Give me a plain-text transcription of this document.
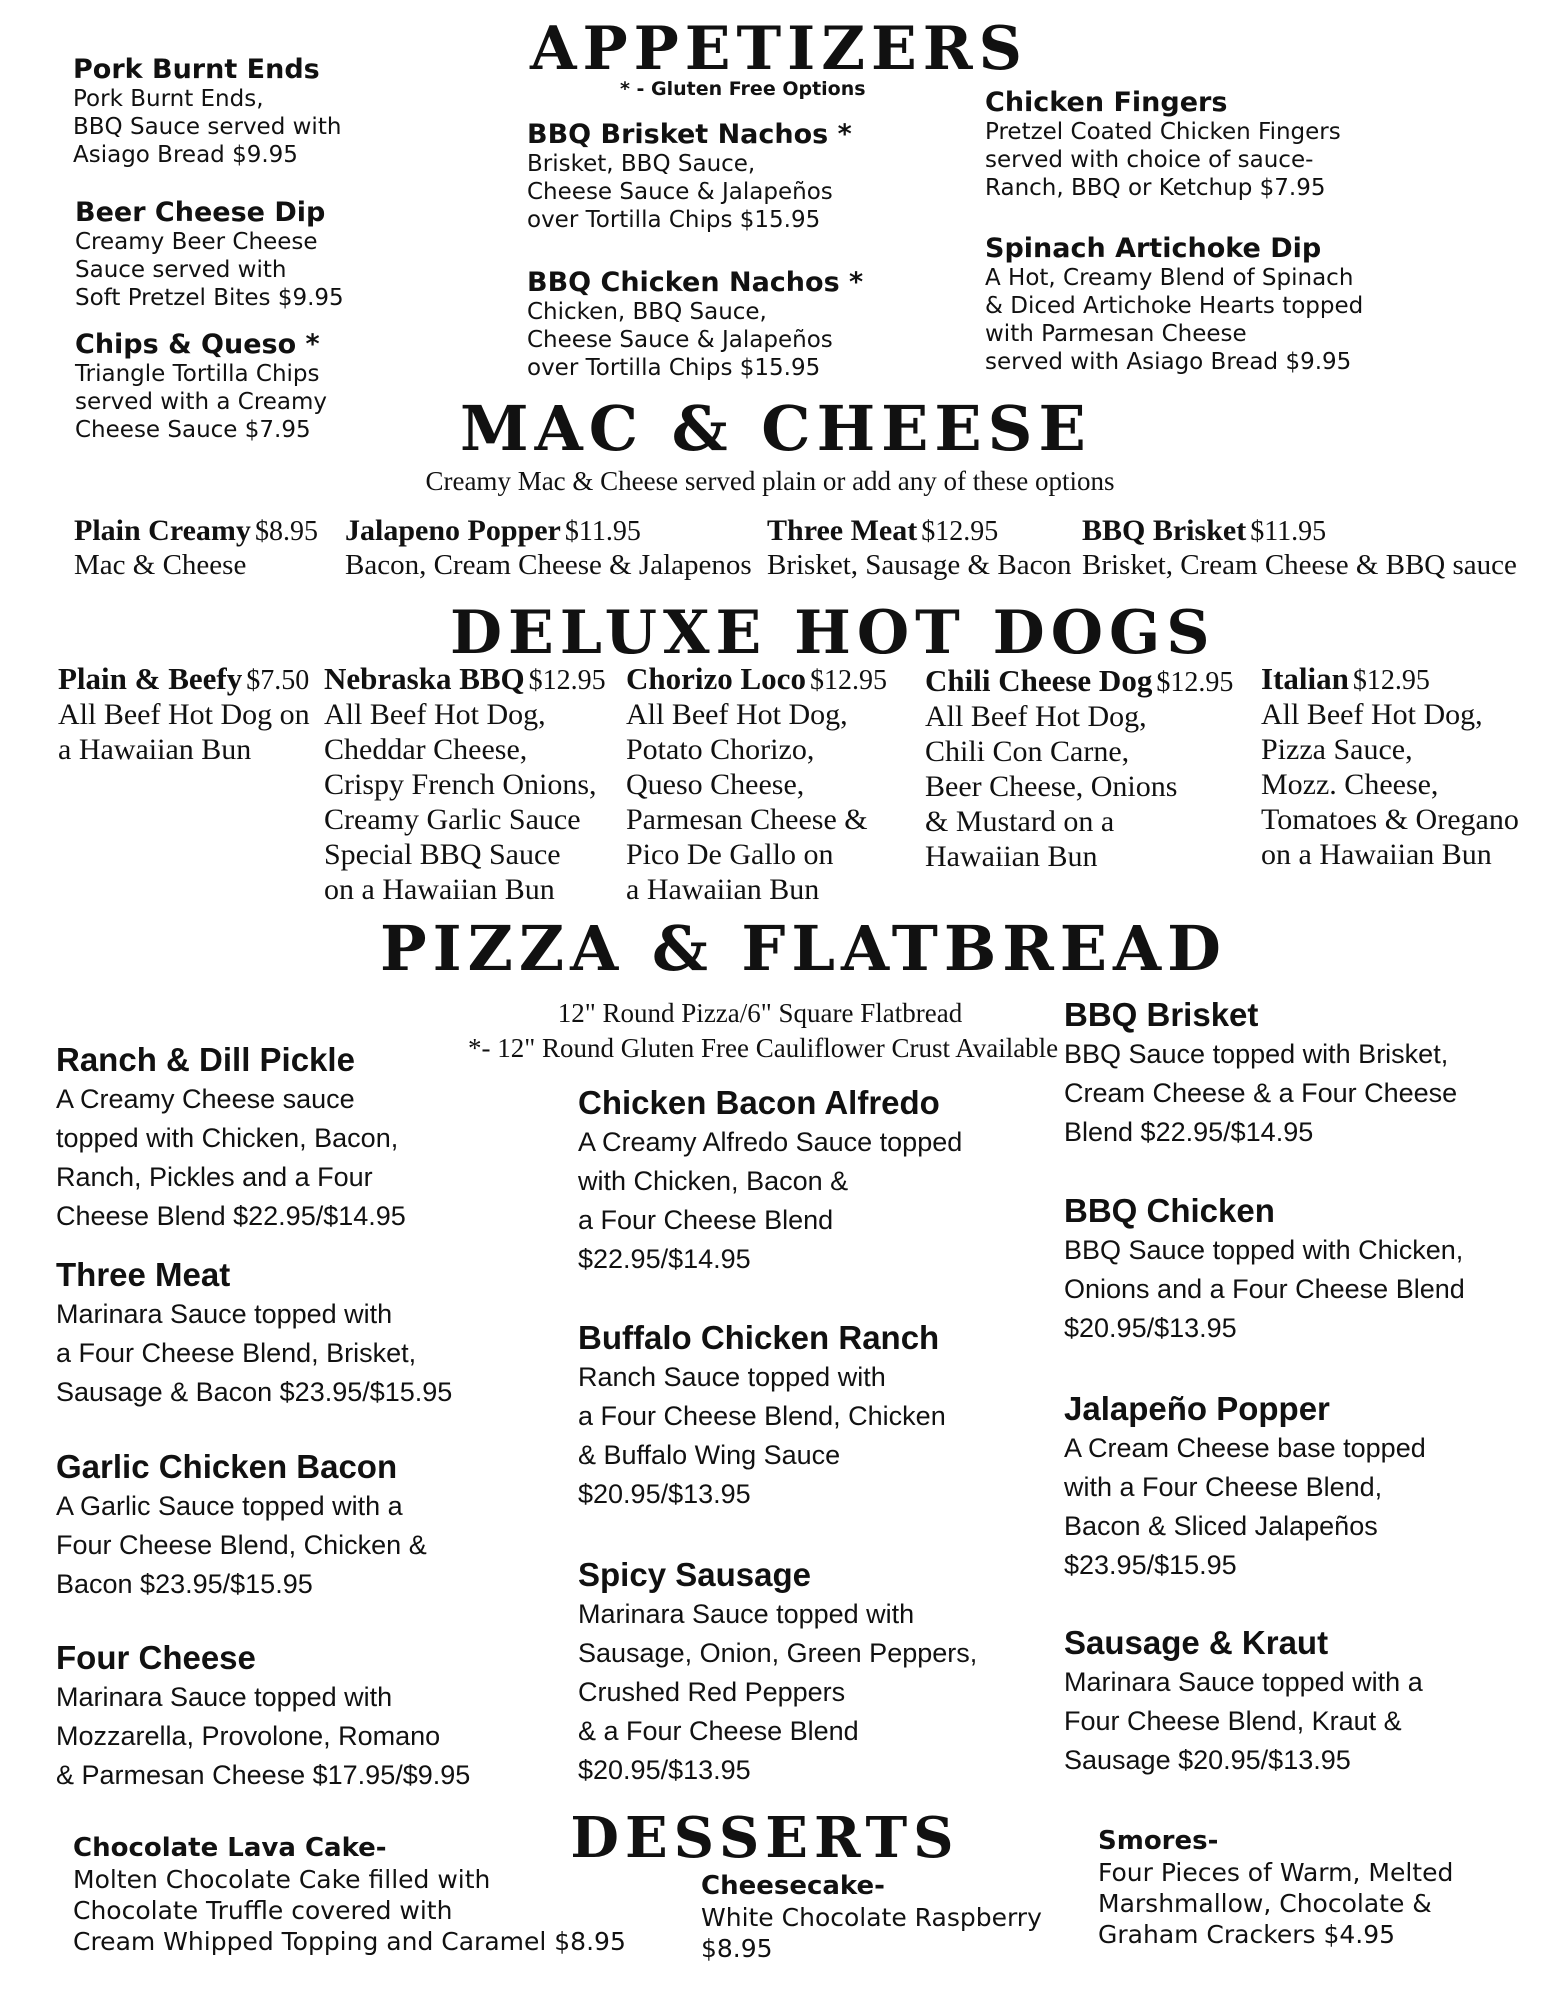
APPETIZERS
* - Gluten Free Options
Pork Burnt Ends
Pork Burnt Ends,
BBQ Sauce served with
Asiago Bread $9.95
Beer Cheese Dip
Creamy Beer Cheese
Sauce served with
Soft Pretzel Bites $9.95
Chips & Queso *
Triangle Tortilla Chips
served with a Creamy
Cheese Sauce $7.95
BBQ Brisket Nachos *
Brisket, BBQ Sauce,
Cheese Sauce & Jalapeños
over Tortilla Chips $15.95
BBQ Chicken Nachos *
Chicken, BBQ Sauce,
Cheese Sauce & Jalapeños
over Tortilla Chips $15.95
Chicken Fingers
Pretzel Coated Chicken Fingers
served with choice of sauce-
Ranch, BBQ or Ketchup $7.95
Spinach Artichoke Dip
A Hot, Creamy Blend of Spinach
& Diced Artichoke Hearts topped
with Parmesan Cheese
served with Asiago Bread $9.95
MAC & CHEESE
Creamy Mac & Cheese served plain or add any of these options
Plain Creamy $8.95
Mac & Cheese
Jalapeno Popper $11.95
Bacon, Cream Cheese & Jalapenos
Three Meat $12.95
Brisket, Sausage & Bacon
BBQ Brisket $11.95
Brisket, Cream Cheese & BBQ sauce
DELUXE HOT DOGS
Plain & Beefy $7.50
All Beef Hot Dog on
a Hawaiian Bun
Nebraska BBQ $12.95
All Beef Hot Dog,
Cheddar Cheese,
Crispy French Onions,
Creamy Garlic Sauce
Special BBQ Sauce
on a Hawaiian Bun
Chorizo Loco $12.95
All Beef Hot Dog,
Potato Chorizo,
Queso Cheese,
Parmesan Cheese &
Pico De Gallo on
a Hawaiian Bun
Chili Cheese Dog $12.95
All Beef Hot Dog,
Chili Con Carne,
Beer Cheese, Onions
& Mustard on a
Hawaiian Bun
Italian $12.95
All Beef Hot Dog,
Pizza Sauce,
Mozz. Cheese,
Tomatoes & Oregano
on a Hawaiian Bun
PIZZA & FLATBREAD
12" Round Pizza/6" Square Flatbread
*- 12" Round Gluten Free Cauliflower Crust Available
Ranch & Dill Pickle
A Creamy Cheese sauce
topped with Chicken, Bacon,
Ranch, Pickles and a Four
Cheese Blend $22.95/$14.95
Three Meat
Marinara Sauce topped with
a Four Cheese Blend, Brisket,
Sausage & Bacon $23.95/$15.95
Garlic Chicken Bacon
A Garlic Sauce topped with a
Four Cheese Blend, Chicken &
Bacon $23.95/$15.95
Four Cheese
Marinara Sauce topped with
Mozzarella, Provolone, Romano
& Parmesan Cheese $17.95/$9.95
Chicken Bacon Alfredo
A Creamy Alfredo Sauce topped
with Chicken, Bacon &
a Four Cheese Blend
$22.95/$14.95
Buffalo Chicken Ranch
Ranch Sauce topped with
a Four Cheese Blend, Chicken
& Buffalo Wing Sauce
$20.95/$13.95
Spicy Sausage
Marinara Sauce topped with
Sausage, Onion, Green Peppers,
Crushed Red Peppers
& a Four Cheese Blend
$20.95/$13.95
BBQ Brisket
BBQ Sauce topped with Brisket,
Cream Cheese & a Four Cheese
Blend $22.95/$14.95
BBQ Chicken
BBQ Sauce topped with Chicken,
Onions and a Four Cheese Blend
$20.95/$13.95
Jalapeño Popper
A Cream Cheese base topped
with a Four Cheese Blend,
Bacon & Sliced Jalapeños
$23.95/$15.95
Sausage & Kraut
Marinara Sauce topped with a
Four Cheese Blend, Kraut &
Sausage $20.95/$13.95
DESSERTS
Chocolate Lava Cake-
Molten Chocolate Cake filled with
Chocolate Truffle covered with
Cream Whipped Topping and Caramel $8.95
Cheesecake-
White Chocolate Raspberry
$8.95
Smores-
Four Pieces of Warm, Melted
Marshmallow, Chocolate &
Graham Crackers $4.95
